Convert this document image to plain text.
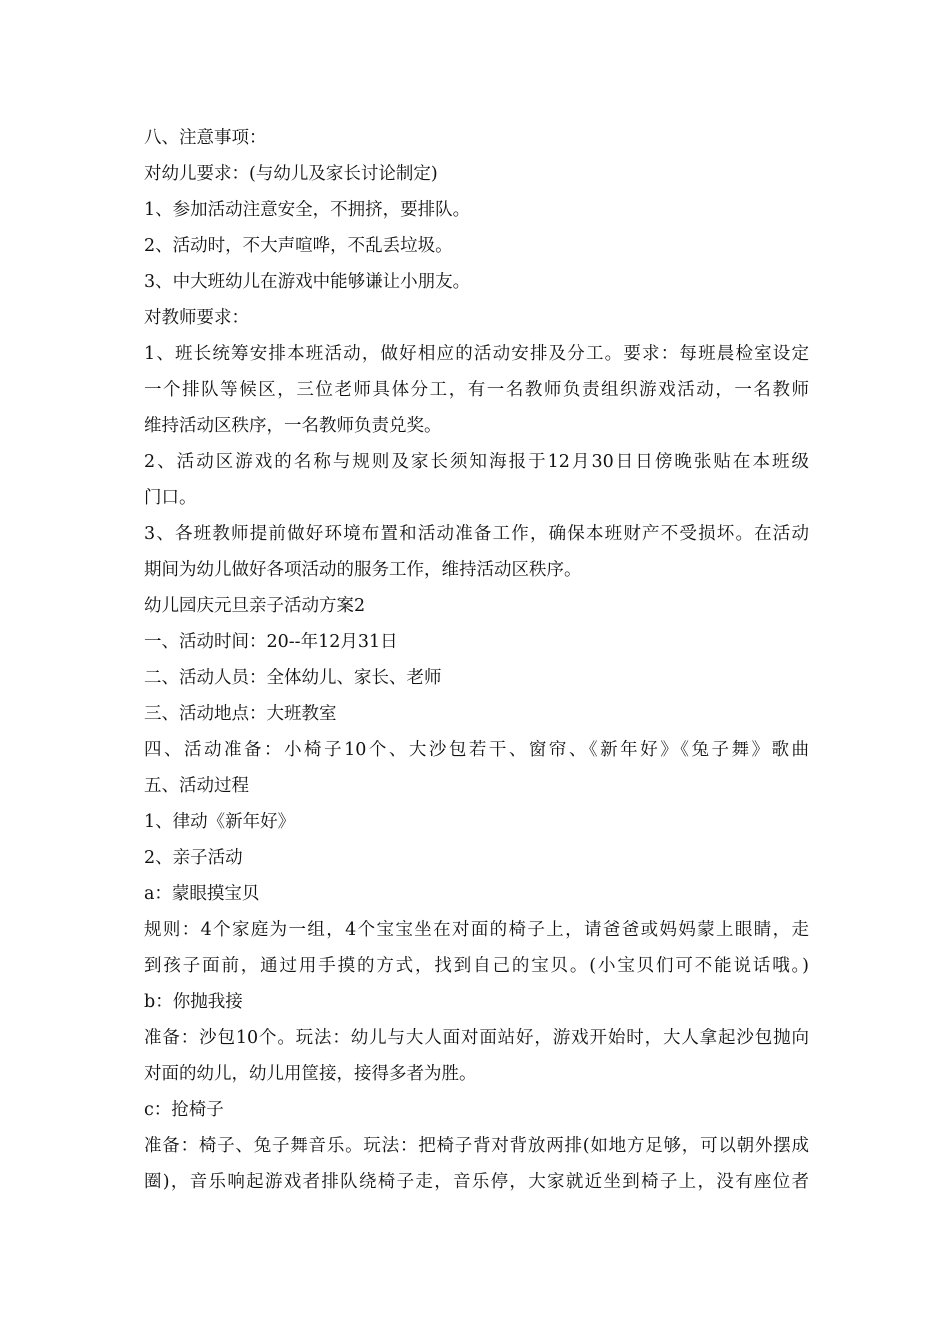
八、注意事项：
对幼儿要求：(与幼儿及家长讨论制定)
1、参加活动注意安全，不拥挤，要排队。
2、活动时，不大声喧哗，不乱丢垃圾。
3、中大班幼儿在游戏中能够谦让小朋友。
对教师要求：
1、班长统筹安排本班活动，做好相应的活动安排及分工。要求：每班晨检室设定
一个排队等候区，三位老师具体分工，有一名教师负责组织游戏活动，一名教师
维持活动区秩序，一名教师负责兑奖。
2、活动区游戏的名称与规则及家长须知海报于12月30日日傍晚张贴在本班级
门口。
3、各班教师提前做好环境布置和活动准备工作，确保本班财产不受损坏。在活动
期间为幼儿做好各项活动的服务工作，维持活动区秩序。
幼儿园庆元旦亲子活动方案2
一、活动时间：20--年12月31日
二、活动人员：全体幼儿、家长、老师
三、活动地点：大班教室
四、活动准备：小椅子10个、大沙包若干、窗帘、《新年好》《兔子舞》歌曲
五、活动过程
1、律动《新年好》
2、亲子活动
a：蒙眼摸宝贝
规则：4个家庭为一组，4个宝宝坐在对面的椅子上，请爸爸或妈妈蒙上眼睛，走
到孩子面前，通过用手摸的方式，找到自己的宝贝。(小宝贝们可不能说话哦。)
b：你抛我接
准备：沙包10个。玩法：幼儿与大人面对面站好，游戏开始时，大人拿起沙包抛向
对面的幼儿，幼儿用筐接，接得多者为胜。
c：抢椅子
准备：椅子、兔子舞音乐。玩法：把椅子背对背放两排(如地方足够，可以朝外摆成
圈)，音乐响起游戏者排队绕椅子走，音乐停，大家就近坐到椅子上，没有座位者
